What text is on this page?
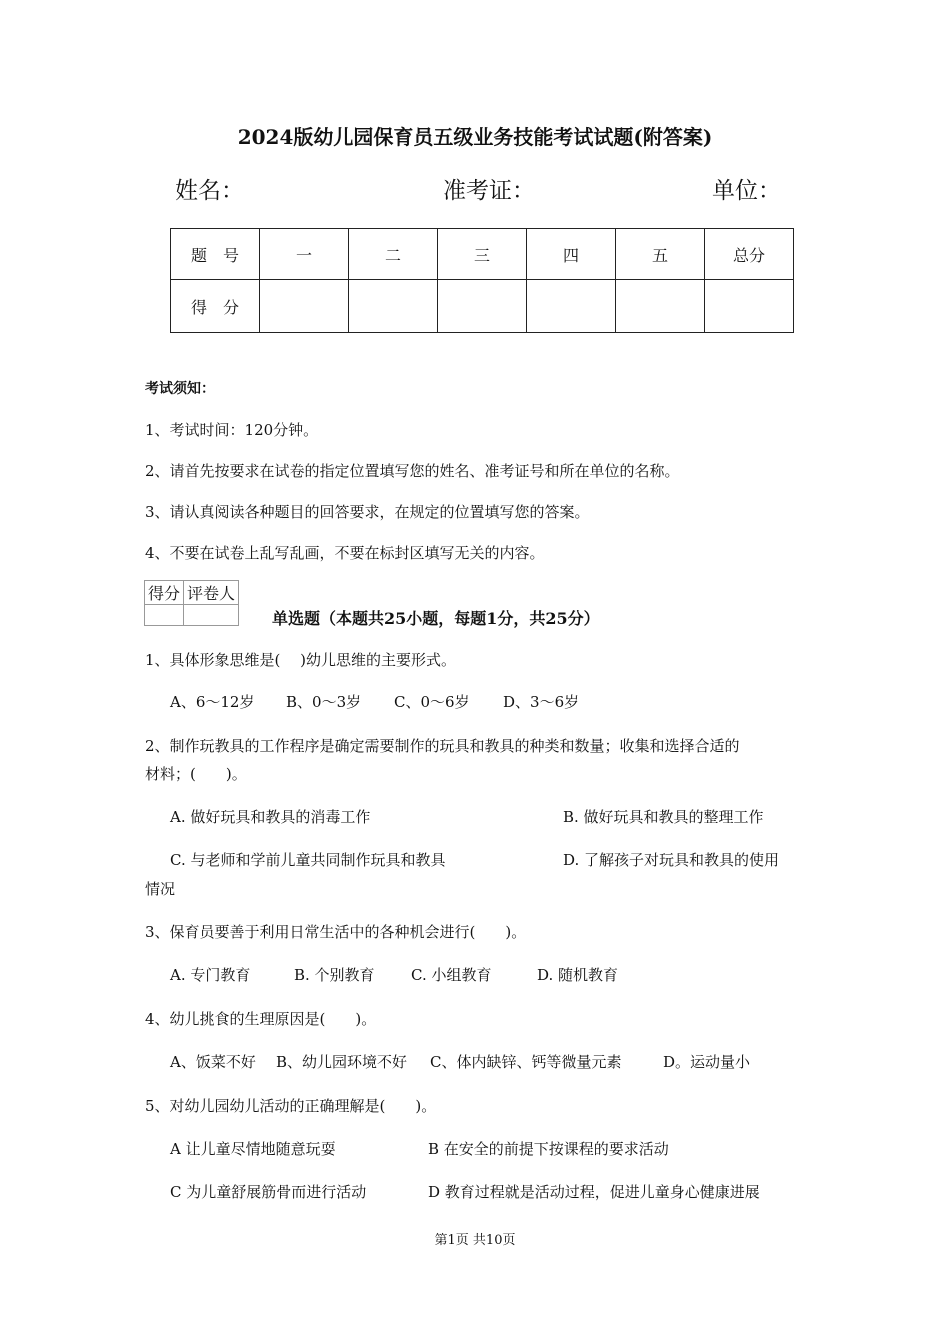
2024版幼儿园保育员五级业务技能考试试题(附答案)
姓名：	准考证：	单位：
题　号	一	二	三	四	五	总分
得　分						
考试须知：
1、考试时间：120分钟。
2、请首先按要求在试卷的指定位置填写您的姓名、准考证号和所在单位的名称。
3、请认真阅读各种题目的回答要求，在规定的位置填写您的答案。
4、不要在试卷上乱写乱画，不要在标封区填写无关的内容。
得分	评卷人

单选题（本题共25小题，每题1分，共25分）
1、具体形象思维是(　 )幼儿思维的主要形式。
A、6～12岁 B、0～3岁 C、0～6岁 D、3～6岁
2、制作玩教具的工作程序是确定需要制作的玩具和教具的种类和数量；收集和选择合适的
材料；(　　)。
A. 做好玩具和教具的消毒工作	B. 做好玩具和教具的整理工作
C. 与老师和学前儿童共同制作玩具和教具	D. 了解孩子对玩具和教具的使用
情况
3、保育员要善于利用日常生活中的各种机会进行(　　)。
A. 专门教育	B. 个别教育 C. 小组教育	D. 随机教育
4、幼儿挑食的生理原因是(　　)。
A、饭菜不好 B、幼儿园环境不好 C、体内缺锌、钙等微量元素	D。运动量小
5、对幼儿园幼儿活动的正确理解是(　　)。
A 让儿童尽情地随意玩耍	B 在安全的前提下按课程的要求活动
C 为儿童舒展筋骨而进行活动	D 教育过程就是活动过程，促进儿童身心健康进展
第1页 共10页
